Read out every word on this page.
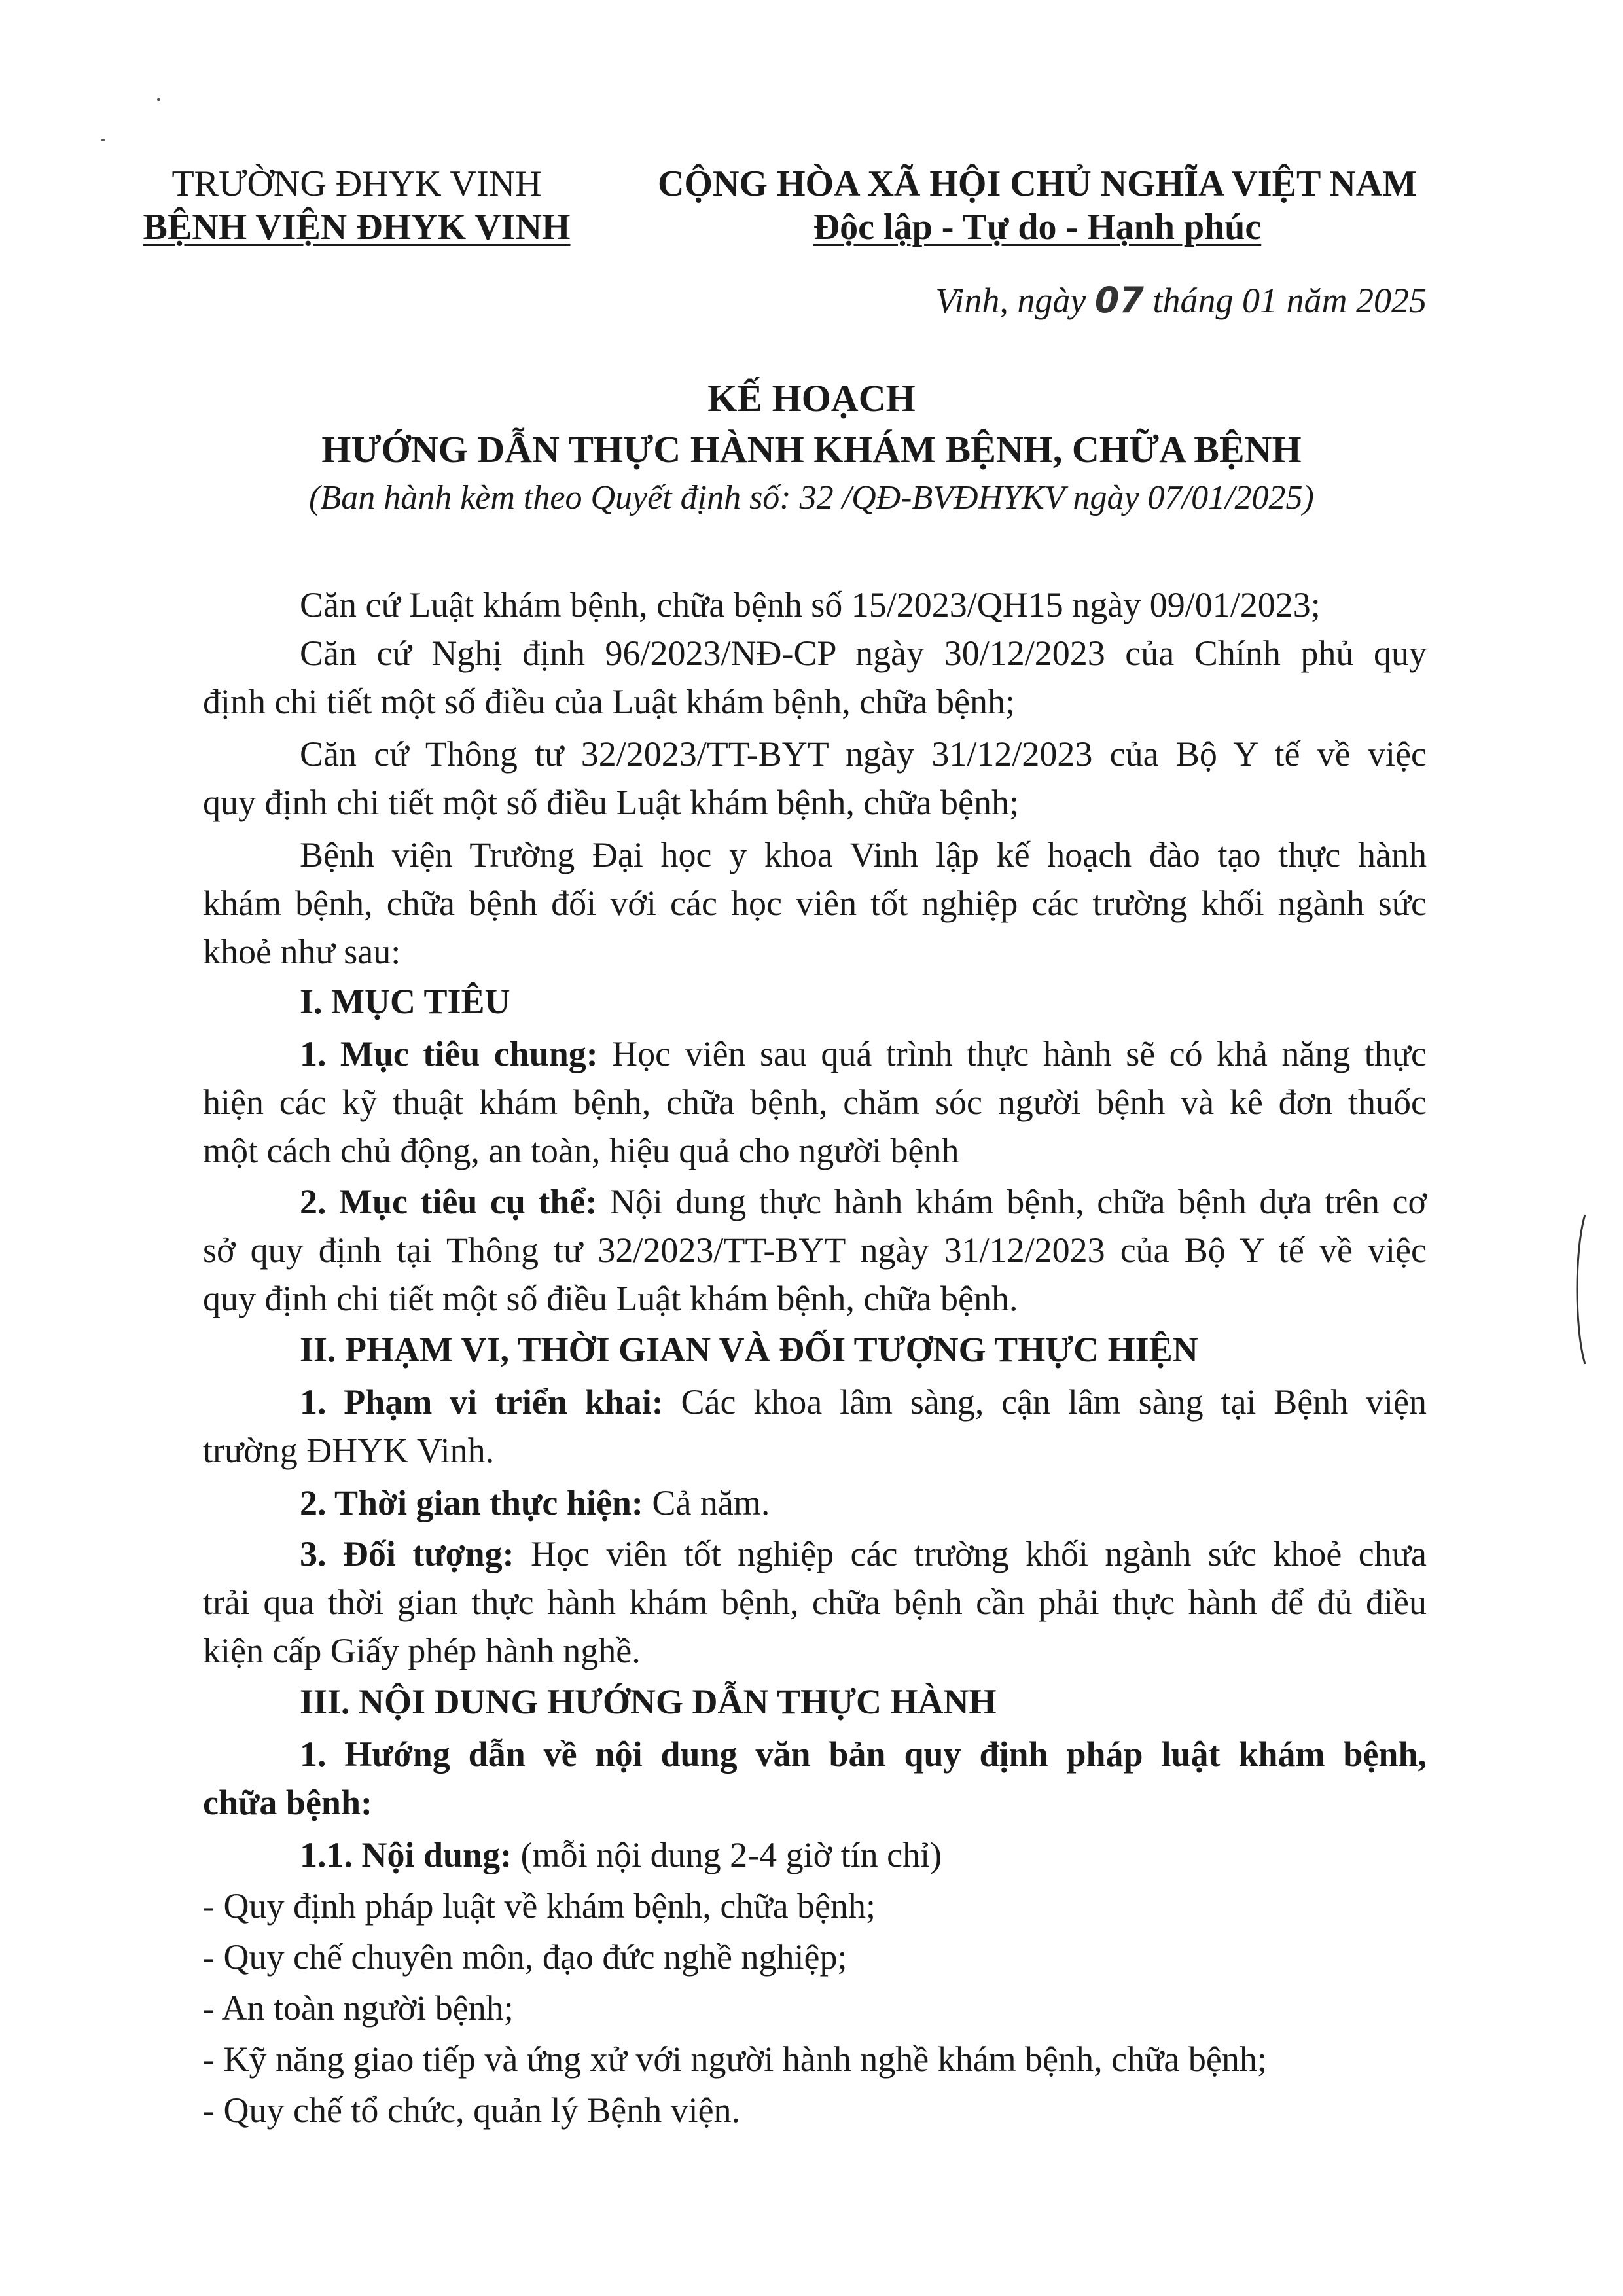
TRƯỜNG ĐHYK VINH
BỆNH VIỆN ĐHYK VINH
CỘNG HÒA XÃ HỘI CHỦ NGHĨA VIỆT NAM
Độc lập - Tự do - Hạnh phúc
Vinh, ngày 07 tháng 01 năm 2025
KẾ HOẠCH
HƯỚNG DẪN THỰC HÀNH KHÁM BỆNH, CHỮA BỆNH
(Ban hành kèm theo Quyết định số: 32 /QĐ-BVĐHYKV ngày 07/01/2025)
Căn cứ Luật khám bệnh, chữa bệnh số 15/2023/QH15 ngày 09/01/2023;
Căn cứ Nghị định 96/2023/NĐ-CP ngày 30/12/2023 của Chính phủ quy
định chi tiết một số điều của Luật khám bệnh, chữa bệnh;
Căn cứ Thông tư 32/2023/TT-BYT ngày 31/12/2023 của Bộ Y tế về việc
quy định chi tiết một số điều Luật khám bệnh, chữa bệnh;
Bệnh viện Trường Đại học y khoa Vinh lập kế hoạch đào tạo thực hành
khám bệnh, chữa bệnh đối với các học viên tốt nghiệp các trường khối ngành sức
khoẻ như sau:
I. MỤC TIÊU
1. Mục tiêu chung: Học viên sau quá trình thực hành sẽ có khả năng thực
hiện các kỹ thuật khám bệnh, chữa bệnh, chăm sóc người bệnh và kê đơn thuốc
một cách chủ động, an toàn, hiệu quả cho người bệnh
2. Mục tiêu cụ thể: Nội dung thực hành khám bệnh, chữa bệnh dựa trên cơ
sở quy định tại Thông tư 32/2023/TT-BYT ngày 31/12/2023 của Bộ Y tế về việc
quy định chi tiết một số điều Luật khám bệnh, chữa bệnh.
II. PHẠM VI, THỜI GIAN VÀ ĐỐI TƯỢNG THỰC HIỆN
1. Phạm vi triển khai: Các khoa lâm sàng, cận lâm sàng tại Bệnh viện
trường ĐHYK Vinh.
2. Thời gian thực hiện: Cả năm.
3. Đối tượng: Học viên tốt nghiệp các trường khối ngành sức khoẻ chưa
trải qua thời gian thực hành khám bệnh, chữa bệnh cần phải thực hành để đủ điều
kiện cấp Giấy phép hành nghề.
III. NỘI DUNG HƯỚNG DẪN THỰC HÀNH
1. Hướng dẫn về nội dung văn bản quy định pháp luật khám bệnh,
chữa bệnh:
1.1. Nội dung: (mỗi nội dung 2-4 giờ tín chỉ)
- Quy định pháp luật về khám bệnh, chữa bệnh;
- Quy chế chuyên môn, đạo đức nghề nghiệp;
- An toàn người bệnh;
- Kỹ năng giao tiếp và ứng xử với người hành nghề khám bệnh, chữa bệnh;
- Quy chế tổ chức, quản lý Bệnh viện.
